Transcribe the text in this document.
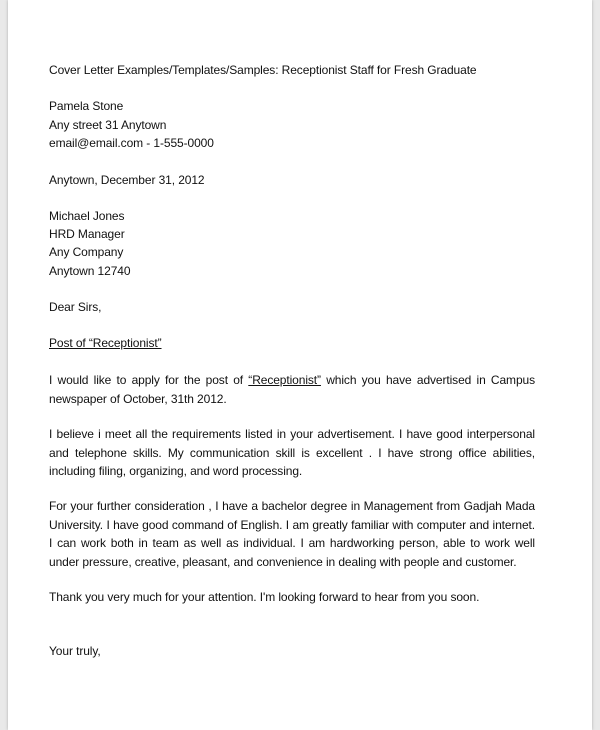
Cover Letter Examples/Templates/Samples: Receptionist Staff for Fresh Graduate

Pamela Stone

Any street 31 Anytown

email@email.com - 1-555-0000

Anytown, December 31, 2012

Michael Jones

HRD Manager

Any Company

Anytown 12740

Dear Sirs,

Post of “Receptionist”

I would like to apply for the post of “Receptionist” which you have advertised in Campus newspaper of October, 31th 2012.

I believe i meet all the requirements listed in your advertisement. I have good interpersonal and telephone skills. My communication skill is excellent . I have strong office abilities, including filing, organizing, and word processing.

For your further consideration , I have a bachelor degree in Management from Gadjah Mada University. I have good command of English. I am greatly familiar with computer and internet. I can work both in team as well as individual. I am hardworking person, able to work well under pressure, creative, pleasant, and convenience in dealing with people and customer.

Thank you very much for your attention. I'm looking forward to hear from you soon.

Your truly,
